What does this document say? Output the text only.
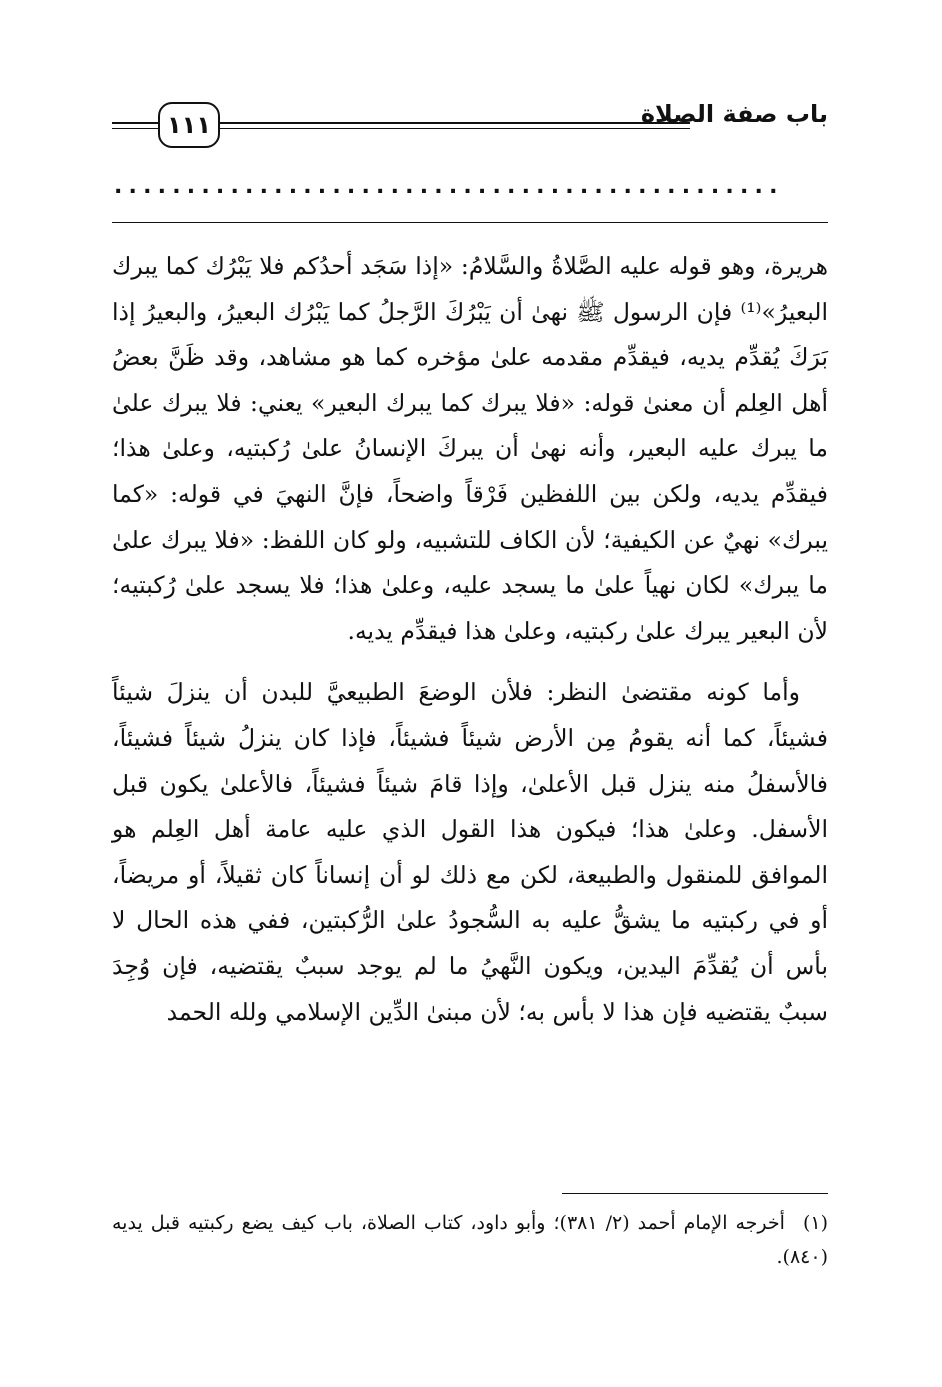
١١١	باب صفة الصلاة
..............................................

هريرة، وهو قوله عليه الصَّلاةُ والسَّلامُ: «إذا سَجَد أحدُكم فلا يَبْرُك كما يبرك البعيرُ»⁽¹⁾ فإن الرسول ﷺ نهىٰ أن يَبْرُكَ الرَّجلُ كما يَبْرُك البعيرُ، والبعيرُ إذا بَرَكَ يُقدِّم يديه، فيقدِّم مقدمه علىٰ مؤخره كما هو مشاهد، وقد ظَنَّ بعضُ أهل العِلم أن معنىٰ قوله: «فلا يبرك كما يبرك البعير» يعني: فلا يبرك علىٰ ما يبرك عليه البعير، وأنه نهىٰ أن يبركَ الإنسانُ علىٰ رُكبتيه، وعلىٰ هذا؛ فيقدِّم يديه، ولكن بين اللفظين فَرْقاً واضحاً، فإنَّ النهيَ في قوله: «كما يبرك» نهيٌ عن الكيفية؛ لأن الكاف للتشبيه، ولو كان اللفظ: «فلا يبرك علىٰ ما يبرك» لكان نهياً علىٰ ما يسجد عليه، وعلىٰ هذا؛ فلا يسجد علىٰ رُكبتيه؛ لأن البعير يبرك علىٰ ركبتيه، وعلىٰ هذا فيقدِّم يديه.

وأما كونه مقتضىٰ النظر: فلأن الوضعَ الطبيعيَّ للبدن أن ينزلَ شيئاً فشيئاً، كما أنه يقومُ مِن الأرض شيئاً فشيئاً، فإذا كان ينزلُ شيئاً فشيئاً، فالأسفلُ منه ينزل قبل الأعلىٰ، وإذا قامَ شيئاً فشيئاً، فالأعلىٰ يكون قبل الأسفل. وعلىٰ هذا؛ فيكون هذا القول الذي عليه عامة أهل العِلم هو الموافق للمنقول والطبيعة، لكن مع ذلك لو أن إنساناً كان ثقيلاً، أو مريضاً، أو في ركبتيه ما يشقُّ عليه به السُّجودُ علىٰ الرُّكبتين، ففي هذه الحال لا بأس أن يُقدِّمَ اليدين، ويكون النَّهيُ ما لم يوجد سببٌ يقتضيه، فإن وُجِدَ سببٌ يقتضيه فإن هذا لا بأس به؛ لأن مبنىٰ الدِّين الإسلامي ولله الحمد

(١)أخرجه الإمام أحمد (٢/ ٣٨١)؛ وأبو داود، كتاب الصلاة، باب كيف يضع ركبتيه قبل يديه (٨٤٠).
